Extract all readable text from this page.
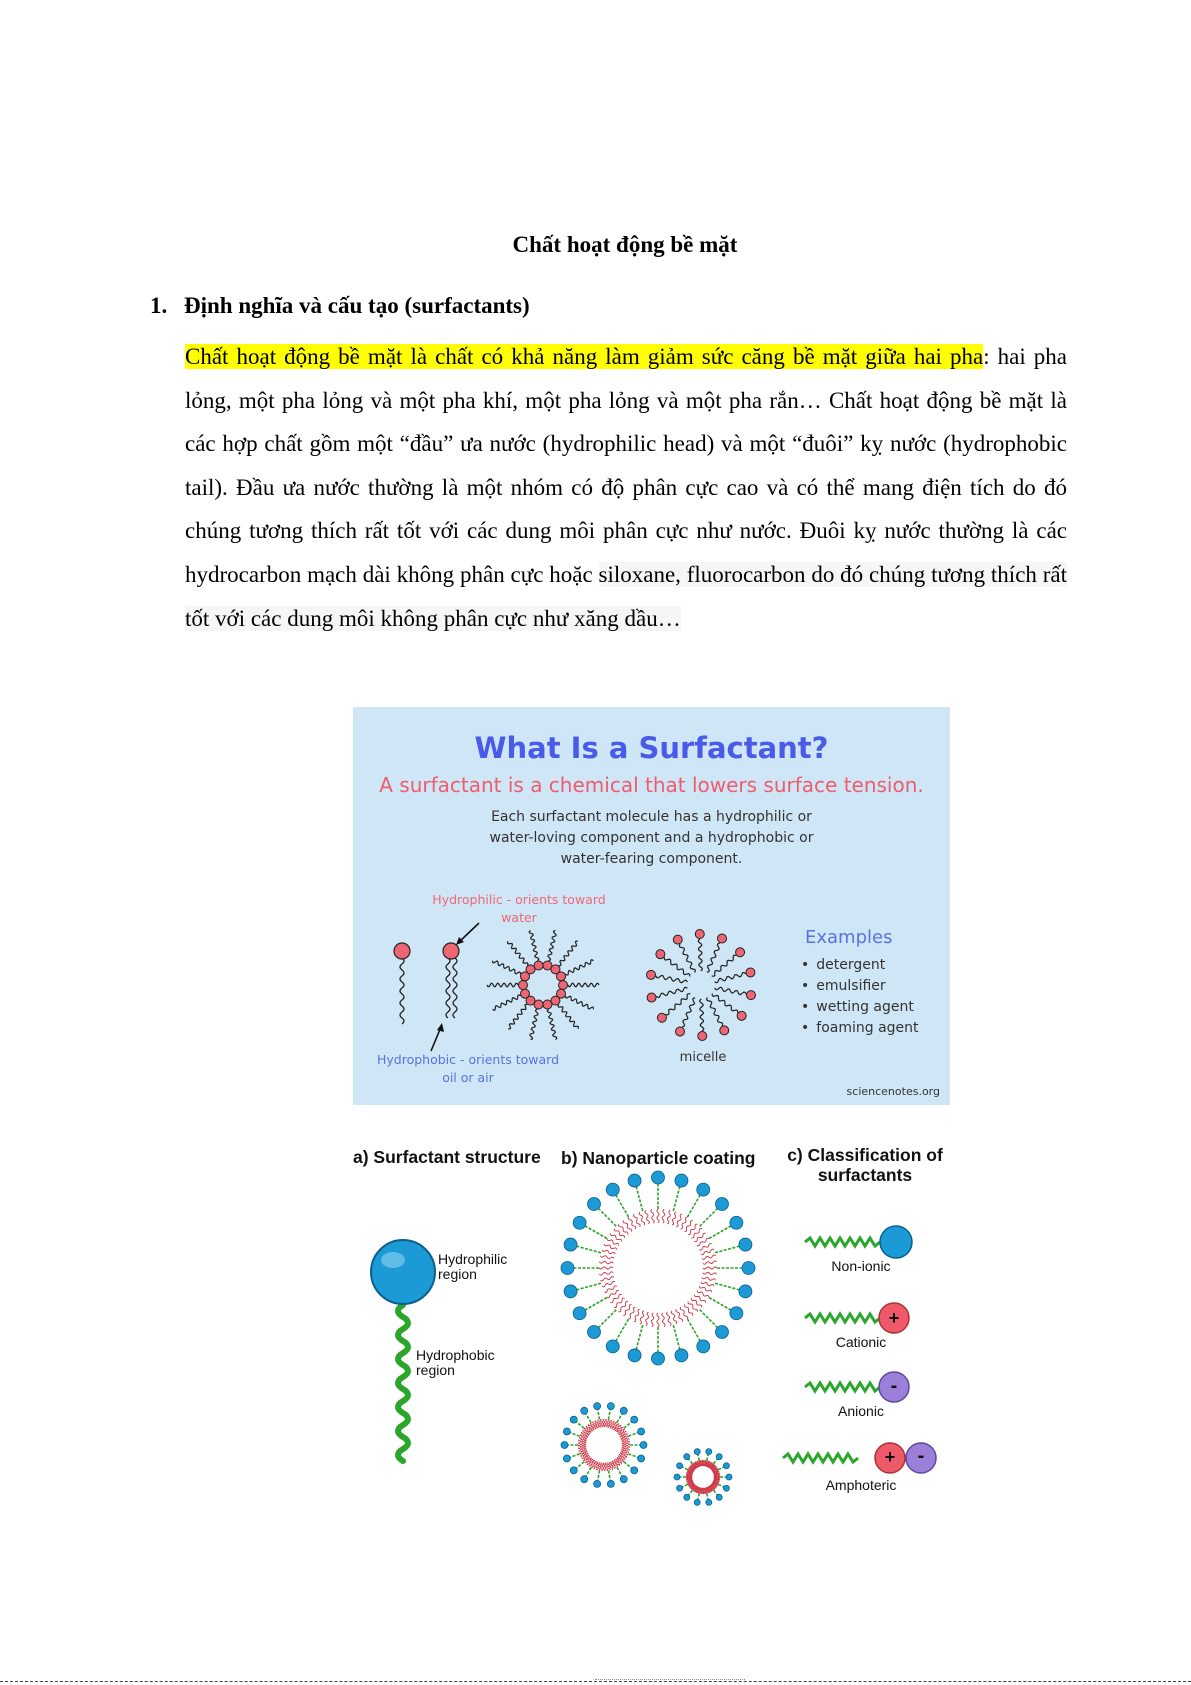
Chất hoạt động bề mặt
1. Định nghĩa và cấu tạo (surfactants)

Chất hoạt động bề mặt là chất có khả năng làm giảm sức căng bề mặt giữa hai pha: hai pha lỏng, một pha lỏng và một pha khí, một pha lỏng và một pha rắn… Chất hoạt động bề mặt là các hợp chất gồm một “đầu” ưa nước (hydrophilic head) và một “đuôi” kỵ nước (hydrophobic tail). Đầu ưa nước thường là một nhóm có độ phân cực cao và có thể mang điện tích do đó chúng tương thích rất tốt với các dung môi phân cực như nước. Đuôi kỵ nước thường là các hydrocarbon mạch dài không phân cực hoặc siloxane, fluorocarbon do đó chúng tương thích rất tốt với các dung môi không phân cực như xăng dầu…

What Is a Surfactant?
A surfactant is a chemical that lowers surface tension.
Each surfactant molecule has a hydrophilic or
water-loving component and a hydrophobic or
water-fearing component.
Hydrophilic - orients toward
water
Hydrophobic - orients toward
oil or air
micelle
Examples
• detergent
• emulsifier
• wetting agent
• foaming agent
sciencenotes.org
a) Surfactant structure b) Nanoparticle coating	c) Classification of
surfactants
Hydrophilic
region
Hydrophobic
region
Non-ionic
Cationic
Anionic
Amphoteric
+
-
+ -
